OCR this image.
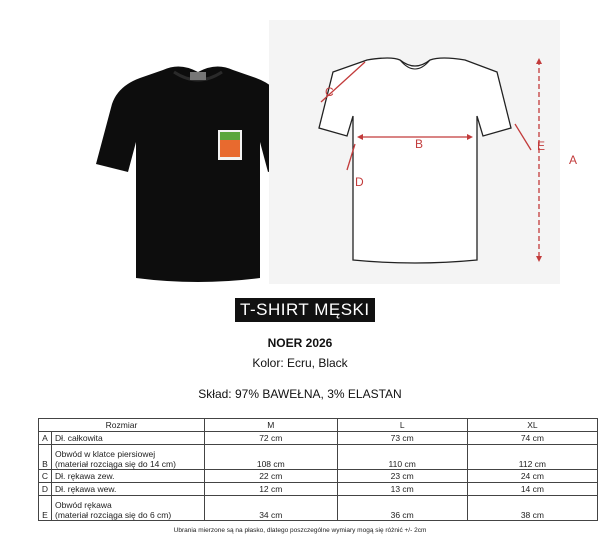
A
B
C
D
E
T-SHIRT MĘSKI
NOER 2026
Kolor: Ecru, Black
Skład: 97% BAWEŁNA, 3% ELASTAN
Rozmiar		M	L	XL
A	Dł. całkowita	72 cm	73 cm	74 cm
B	Obwód w klatce piersiowej
(materiał rozciąga się do 14 cm)	108 cm	110 cm	112 cm
C	Dł. rękawa zew.	22 cm	23 cm	24 cm
D	Dł. rękawa wew.	12 cm	13 cm	14 cm
E	Obwód rękawa
(materiał rozciąga się do 6 cm)	34 cm	36 cm	38 cm
Ubrania mierzone są na płasko, dlatego poszczególne wymiary mogą się różnić +/- 2cm
